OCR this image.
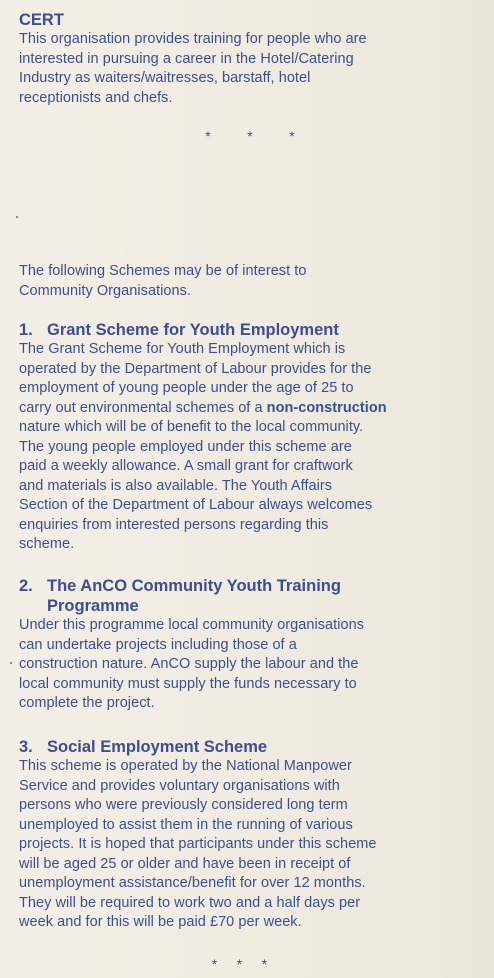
CERT

This organisation provides training for people who are

interested in pursuing a career in the Hotel/Catering

Industry as waiters/waitresses, barstaff, hotel

receptionists and chefs.

*	*	*

The following Schemes may be of interest to

Community Organisations.

1. Grant Scheme for Youth Employment

The Grant Scheme for Youth Employment which is

operated by the Department of Labour provides for the

employment of young people under the age of 25 to

carry out environmental schemes of a non-construction

nature which will be of benefit to the local community.

The young people employed under this scheme are

paid a weekly allowance. A small grant for craftwork

and materials is also available. The Youth Affairs

Section of the Department of Labour always welcomes

enquiries from interested persons regarding this

scheme.

2. The AnCO Community Youth Training

Programme

Under this programme local community organisations

can undertake projects including those of a

construction nature. AnCO supply the labour and the

local community must supply the funds necessary to

complete the project.

3. Social Employment Scheme

This scheme is operated by the National Manpower

Service and provides voluntary organisations with

persons who were previously considered long term

unemployed to assist them in the running of various

projects. It is hoped that participants under this scheme

will be aged 25 or older and have been in receipt of

unemployment assistance/benefit for over 12 months.

They will be required to work two and a half days per

week and for this will be paid £70 per week.

* * *
